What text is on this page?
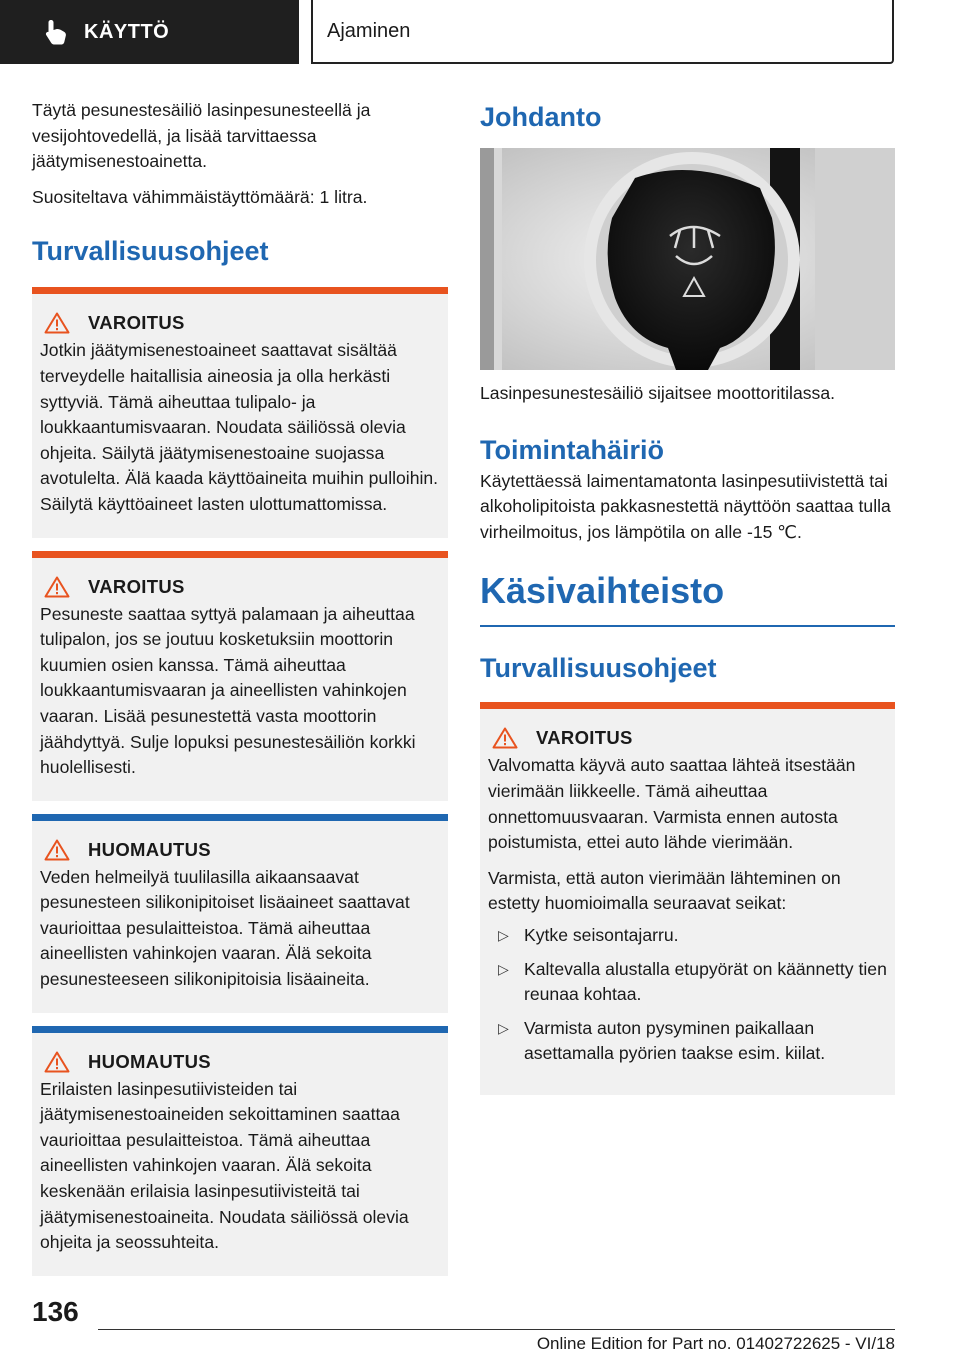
KÄYTTÖ	Ajaminen

Täytä pesunestesäiliö lasinpesunesteellä ja vesijohtovedellä, ja lisää tarvittaessa jäätymisenestoainetta.

Suositeltava vähimmäistäyttömäärä: 1 litra.

Turvallisuusohjeet
VAROITUS

Jotkin jäätymisenestoaineet saattavat sisältää terveydelle haitallisia aineosia ja olla herkästi syttyviä. Tämä aiheuttaa tulipalo- ja loukkaantumisvaaran. Noudata säiliössä olevia ohjeita. Säilytä jäätymisenestoaine suojassa avotulelta. Älä kaada käyttöaineita muihin pulloihin. Säilytä käyttöaineet lasten ulottumattomissa.

VAROITUS

Pesuneste saattaa syttyä palamaan ja aiheuttaa tulipalon, jos se joutuu kosketuksiin moottorin kuumien osien kanssa. Tämä aiheuttaa loukkaantumisvaaran ja aineellisten vahinkojen vaaran. Lisää pesunestettä vasta moottorin jäähdyttyä. Sulje lopuksi pesunestesäiliön korkki huolellisesti.

HUOMAUTUS

Veden helmeilyä tuulilasilla aikaansaavat pesunesteen silikonipitoiset lisäaineet saattavat vaurioittaa pesulaitteistoa. Tämä aiheuttaa aineellisten vahinkojen vaaran. Älä sekoita pesunesteeseen silikonipitoisia lisäaineita.

HUOMAUTUS

Erilaisten lasinpesutiivisteiden tai jäätymisenestoaineiden sekoittaminen saattaa vaurioittaa pesulaitteistoa. Tämä aiheuttaa aineellisten vahinkojen vaaran. Älä sekoita keskenään erilaisia lasinpesutiivisteitä tai jäätymisenestoaineita. Noudata säiliössä olevia ohjeita ja seossuhteita.

Johdanto

Lasinpesunestesäiliö sijaitsee moottoritilassa.

Toimintahäiriö

Käytettäessä laimentamatonta lasinpesutiivistettä tai alkoholipitoista pakkasnestettä näyttöön saattaa tulla virheilmoitus, jos lämpötila on alle -15 ℃.

Käsivaihteisto
Turvallisuusohjeet
VAROITUS

Valvomatta käyvä auto saattaa lähteä itsestään vierimään liikkeelle. Tämä aiheuttaa onnettomuusvaaran. Varmista ennen autosta poistumista, ettei auto lähde vierimään.

Varmista, että auton vierimään lähteminen on estetty huomioimalla seuraavat seikat:

▷ Kytke seisontajarru.
▷ Kaltevalla alustalla etupyörät on käännetty tien reunaa kohtaa.
▷ Varmista auton pysyminen paikallaan asettamalla pyörien taakse esim. kiilat.
136
Online Edition for Part no. 01402722625 - VI/18
